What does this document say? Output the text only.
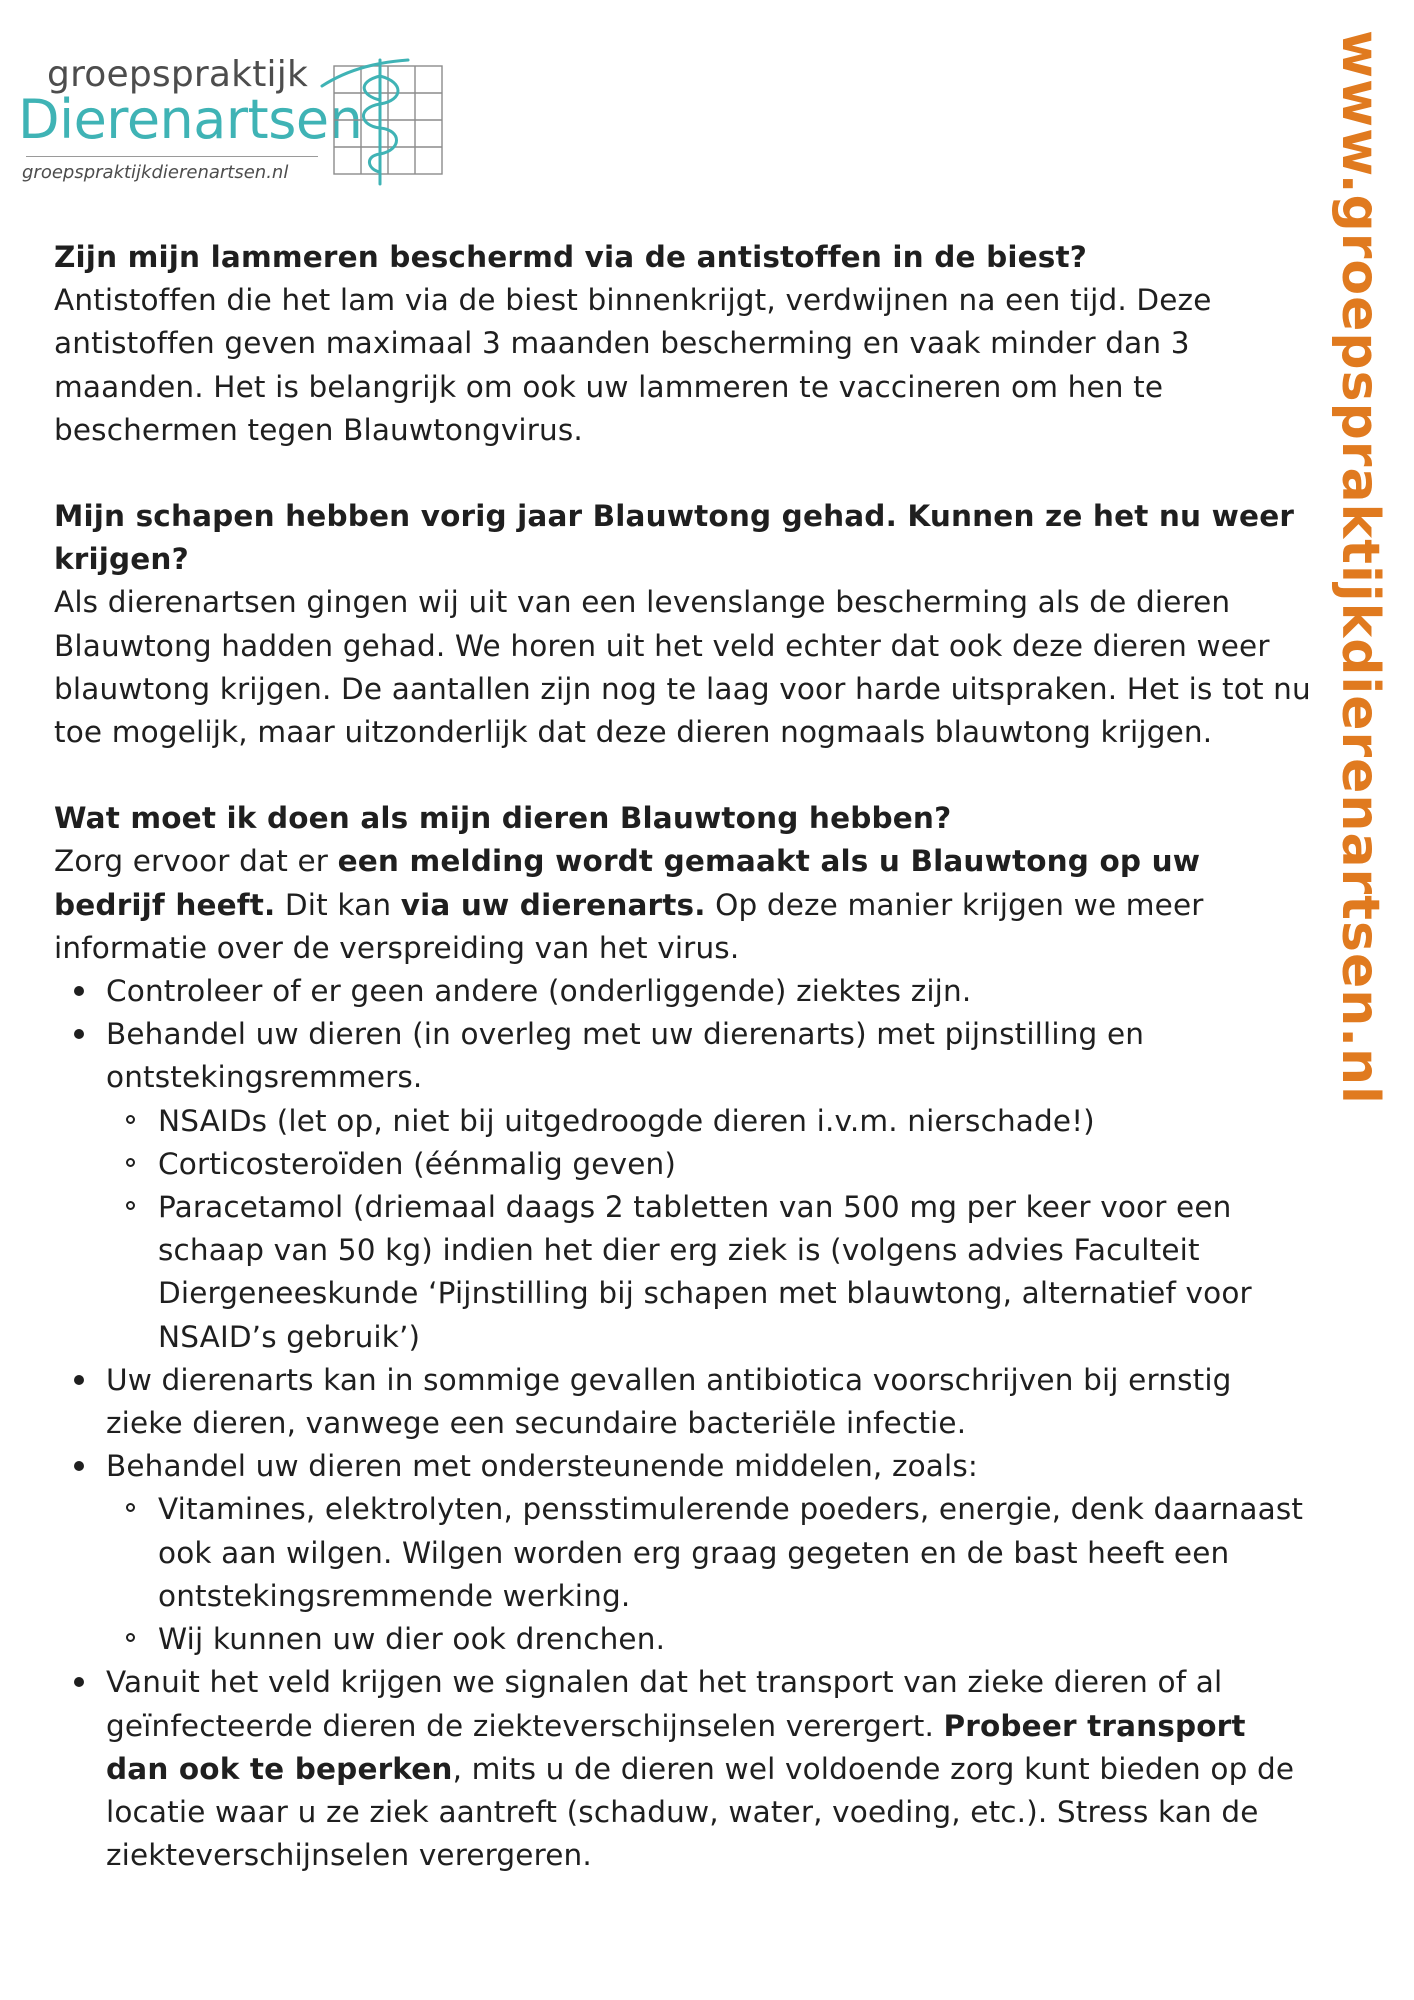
groepspraktijk
Dierenartsen
groepspraktijkdierenartsen.nl	www.groepspraktijkdierenartsen.nl

Zijn mijn lammeren beschermd via de antistoffen in de biest?

Antistoffen die het lam via de biest binnenkrijgt, verdwijnen na een tijd. Deze antistoffen geven maximaal 3 maanden bescherming en vaak minder dan 3 maanden. Het is belangrijk om ook uw lammeren te vaccineren om hen te beschermen tegen Blauwtongvirus.

Mijn schapen hebben vorig jaar Blauwtong gehad. Kunnen ze het nu weer krijgen?

Als dierenartsen gingen wij uit van een levenslange bescherming als de dieren Blauwtong hadden gehad. We horen uit het veld echter dat ook deze dieren weer blauwtong krijgen. De aantallen zijn nog te laag voor harde uitspraken. Het is tot nu toe mogelijk, maar uitzonderlijk dat deze dieren nogmaals blauwtong krijgen.

Wat moet ik doen als mijn dieren Blauwtong hebben?

Zorg ervoor dat er een melding wordt gemaakt als u Blauwtong op uw bedrijf heeft. Dit kan via uw dierenarts. Op deze manier krijgen we meer informatie over de verspreiding van het virus.

Controleer of er geen andere (onderliggende) ziektes zijn.
Behandel uw dieren (in overleg met uw dierenarts) met pijnstilling en ontstekingsremmers.
NSAIDs (let op, niet bij uitgedroogde dieren i.v.m. nierschade!)
Corticosteroïden (éénmalig geven)
Paracetamol (driemaal daags 2 tabletten van 500 mg per keer voor een schaap van 50 kg) indien het dier erg ziek is (volgens advies Faculteit Diergeneeskunde ‘Pijnstilling bij schapen met blauwtong, alternatief voor NSAID’s gebruik’)
Uw dierenarts kan in sommige gevallen antibiotica voorschrijven bij ernstig zieke dieren, vanwege een secundaire bacteriële infectie.
Behandel uw dieren met ondersteunende middelen, zoals:
Vitamines, elektrolyten, pensstimulerende poeders, energie, denk daarnaast ook aan wilgen. Wilgen worden erg graag gegeten en de bast heeft een ontstekingsremmende werking.
Wij kunnen uw dier ook drenchen.
Vanuit het veld krijgen we signalen dat het transport van zieke dieren of al geïnfecteerde dieren de ziekteverschijnselen verergert. Probeer transport dan ook te beperken, mits u de dieren wel voldoende zorg kunt bieden op de locatie waar u ze ziek aantreft (schaduw, water, voeding, etc.). Stress kan de ziekteverschijnselen verergeren.
